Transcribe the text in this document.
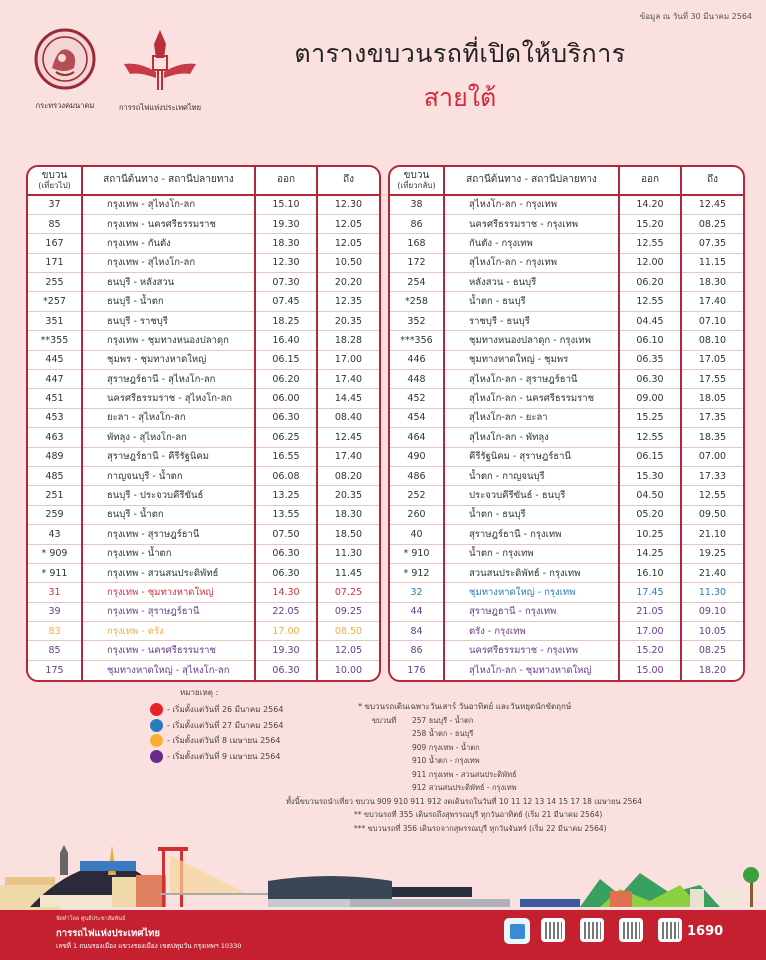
ข้อมูล ณ วันที่ 30 มีนาคม 2564
กระทรวงคมนาคม	การรถไฟแห่งประเทศไทย
ตารางขบวนรถที่เปิดให้บริการ
สายใต้
ขบวน
(เที่ยวไป)	สถานีต้นทาง - สถานีปลายทาง	ออก	ถึง
37	กรุงเทพ - สุไหงโก-ลก	15.10	12.30
85	กรุงเทพ - นครศรีธรรมราช	19.30	12.05
167	กรุงเทพ - กันตัง	18.30	12.05
171	กรุงเทพ - สุไหงโก-ลก	12.30	10.50
255	ธนบุรี - หลังสวน	07.30	20.20
*257	ธนบุรี - น้ำตก	07.45	12.35
351	ธนบุรี - ราชบุรี	18.25	20.35
**355	กรุงเทพ - ชุมทางหนองปลาดุก	16.40	18.28
445	ชุมพร - ชุมทางหาดใหญ่	06.15	17.00
447	สุราษฎร์ธานี - สุไหงโก-ลก	06.20	17.40
451	นครศรีธรรมราช - สุไหงโก-ลก	06.00	14.45
453	ยะลา - สุไหงโก-ลก	06.30	08.40
463	พัทลุง - สุไหงโก-ลก	06.25	12.45
489	สุราษฎร์ธานี - คีรีรัฐนิคม	16.55	17.40
485	กาญจนบุรี - น้ำตก	06.08	08.20
251	ธนบุรี - ประจวบคีรีขันธ์	13.25	20.35
259	ธนบุรี - น้ำตก	13.55	18.30
43	กรุงเทพ - สุราษฎร์ธานี	07.50	18.50
* 909	กรุงเทพ - น้ำตก	06.30	11.30
* 911	กรุงเทพ - สวนสนประดิพัทธ์	06.30	11.45
31	กรุงเทพ - ชุมทางหาดใหญ่	14.30	07.25
39	กรุงเทพ - สุราษฎร์ธานี	22.05	09.25
83	กรุงเทพ - ตรัง	17.00	08.50
85	กรุงเทพ - นครศรีธรรมราช	19.30	12.05
175	ชุมทางหาดใหญ่ - สุไหงโก-ลก	06.30	10.00
ขบวน
(เที่ยวกลับ)	สถานีต้นทาง - สถานีปลายทาง	ออก	ถึง
38	สุไหงโก-ลก - กรุงเทพ	14.20	12.45
86	นครศรีธรรมราช - กรุงเทพ	15.20	08.25
168	กันตัง - กรุงเทพ	12.55	07.35
172	สุไหงโก-ลก - กรุงเทพ	12.00	11.15
254	หลังสวน - ธนบุรี	06.20	18.30
*258	น้ำตก - ธนบุรี	12.55	17.40
352	ราชบุรี - ธนบุรี	04.45	07.10
***356	ชุมทางหนองปลาดุก - กรุงเทพ	06.10	08.10
446	ชุมทางหาดใหญ่ - ชุมพร	06.35	17.05
448	สุไหงโก-ลก - สุราษฎร์ธานี	06.30	17.55
452	สุไหงโก-ลก - นครศรีธรรมราช	09.00	18.05
454	สุไหงโก-ลก - ยะลา	15.25	17.35
464	สุไหงโก-ลก - พัทลุง	12.55	18.35
490	คีรีรัฐนิคม - สุราษฎร์ธานี	06.15	07.00
486	น้ำตก - กาญจนบุรี	15.30	17.33
252	ประจวบคีรีขันธ์ - ธนบุรี	04.50	12.55
260	น้ำตก - ธนบุรี	05.20	09.50
40	สุราษฎร์ธานี - กรุงเทพ	10.25	21.10
* 910	น้ำตก - กรุงเทพ	14.25	19.25
* 912	สวนสนประดิพัทธ์ - กรุงเทพ	16.10	21.40
32	ชุมทางหาดใหญ่ - กรุงเทพ	17.45	11.30
44	สุราษฎธานี - กรุงเทพ	21.05	09.10
84	ตรัง - กรุงเทพ	17.00	10.05
86	นครศรีธรรมราช - กรุงเทพ	15.20	08.25
176	สุไหงโก-ลก - ชุมทางหาดใหญ่	15.00	18.20
หมายเหตุ :
- เริ่มตั้งแต่วันที่ 26 มีนาคม 2564
- เริ่มตั้งแต่วันที่ 27 มีนาคม 2564
- เริ่มตั้งแต่วันที่ 8 เมษายน 2564
- เริ่มตั้งแต่วันที่ 9 เมษายน 2564
* ขบวนรถเดินเฉพาะวันเสาร์ วันอาทิตย์ และวันหยุดนักขัตฤกษ์
ขบวนที่	257 ธนบุรี - น้ำตก
258 น้ำตก - ธนบุรี
909 กรุงเทพ - น้ำตก
910 น้ำตก - กรุงเทพ
911 กรุงเทพ - สวนสนประดิพัทธ์
912 สวนสนประดิพัทธ์ - กรุงเทพ
ทั้งนี้ขบวนรถนำเที่ยว ขบวน 909 910 911 912 งดเดินรถในวันที่ 10 11 12 13 14 15 17 18 เมษายน 2564
** ขบวนรถที่ 355 เดินรถถึงสุพรรณบุรี ทุกวันอาทิตย์ (เริ่ม 21 มีนาคม 2564)
*** ขบวนรถที่ 356 เดินรถจากสุพรรณบุรี ทุกวันจันทร์ (เริ่ม 22 มีนาคม 2564)
จัดทำโดย ศูนย์ประชาสัมพันธ์
การรถไฟแห่งประเทศไทย
เลขที่ 1 ถนนรองเมือง แขวงรองเมือง เขตปทุมวัน กรุงเทพฯ 10330
1690
